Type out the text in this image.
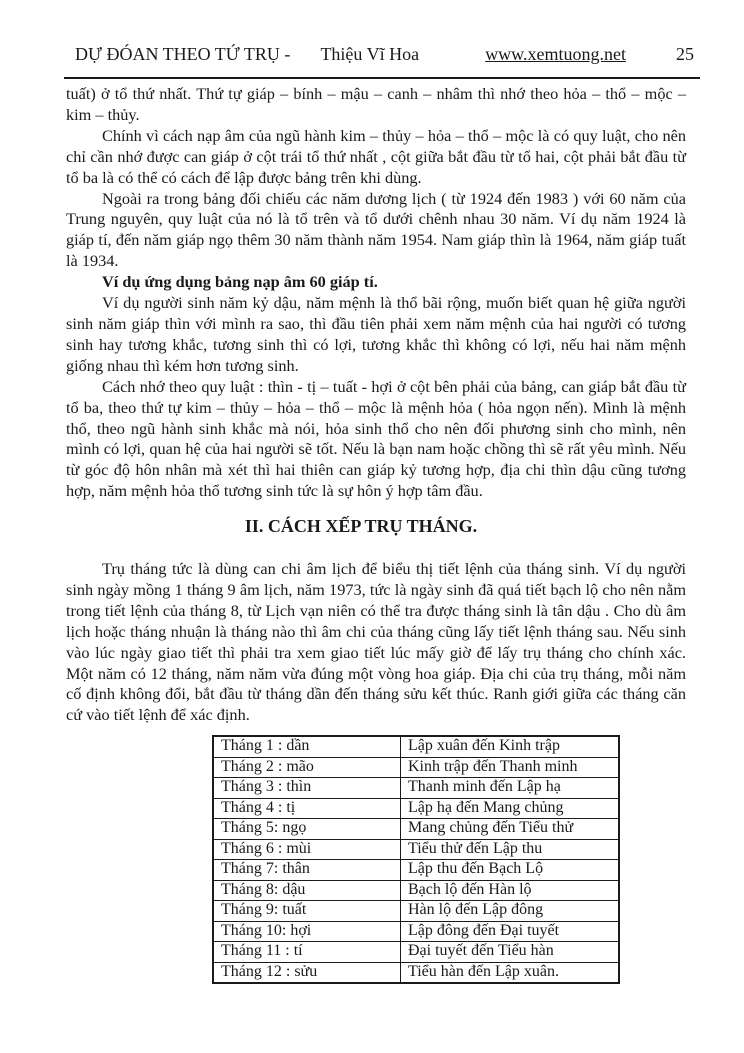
DỰ ĐÓAN THEO TỨ TRỤ - Thiệu Vĩ Hoa	www.xemtuong.net	25

tuất) ở tổ thứ nhất. Thứ tự giáp – bính – mậu – canh – nhâm thì nhớ theo hỏa – thổ – mộc – kim – thủy.

Chính vì cách nạp âm của ngũ hành kim – thủy – hỏa – thổ – mộc là có quy luật, cho nên chỉ cần nhớ được can giáp ở cột trái tổ thứ nhất , cột giữa bắt đầu từ tổ hai, cột phải bắt đầu từ tổ ba là có thể có cách để lập được bảng trên khi dùng.

Ngoài ra trong bảng đối chiếu các năm dương lịch ( từ 1924 đến 1983 ) với 60 năm của Trung nguyên, quy luật của nó là tổ trên và tổ dưới chênh nhau 30 năm. Ví dụ năm 1924 là giáp tí, đến năm giáp ngọ thêm 30 năm thành năm 1954. Nam giáp thìn là 1964, năm giáp tuất là 1934.

Ví dụ ứng dụng bảng nạp âm 60 giáp tí.

Ví dụ người sinh năm kỷ dậu, năm mệnh là thổ bãi rộng, muốn biết quan hệ giữa người sinh năm giáp thìn với mình ra sao, thì đầu tiên phải xem năm mệnh của hai người có tương sinh hay tương khắc, tương sinh thì có lợi, tương khắc thì không có lợi, nếu hai năm mệnh giống nhau thì kém hơn tương sinh.

Cách nhớ theo quy luật : thìn - tị – tuất - hợi ở cột bên phải của bảng, can giáp bắt đầu từ tổ ba, theo thứ tự kim – thủy – hỏa – thổ – mộc là mệnh hỏa ( hỏa ngọn nến). Mình là mệnh thổ, theo ngũ hành sinh khắc mà nói, hỏa sinh thổ cho nên đối phương sinh cho mình, nên mình có lợi, quan hệ của hai người sẽ tốt. Nếu là bạn nam hoặc chồng thì sẽ rất yêu mình. Nếu từ góc độ hôn nhân mà xét thì hai thiên can giáp kỷ tương hợp, địa chi thìn dậu cũng tương hợp, năm mệnh hỏa thổ tương sinh tức là sự hôn ý hợp tâm đầu.

II. CÁCH XẾP TRỤ THÁNG.

Trụ tháng tức là dùng can chi âm lịch để biểu thị tiết lệnh của tháng sinh. Ví dụ người sinh ngày mồng 1 tháng 9 âm lịch, năm 1973, tức là ngày sinh đã quá tiết bạch lộ cho nên nằm trong tiết lệnh của tháng 8, từ Lịch vạn niên có thể tra được tháng sinh là tân dậu . Cho dù âm lịch hoặc tháng nhuận là tháng nào thì âm chi của tháng cũng lấy tiết lệnh tháng sau. Nếu sinh vào lúc ngày giao tiết thì phải tra xem giao tiết lúc mấy giờ để lấy trụ tháng cho chính xác. Một năm có 12 tháng, năm năm vừa đúng một vòng hoa giáp. Địa chi của trụ tháng, mỗi năm cố định không đổi, bắt đầu từ tháng dần đến tháng sửu kết thúc. Ranh giới giữa các tháng căn cứ vào tiết lệnh để xác định.

Tháng 1 : dần	Lập xuân đến Kinh trập
Tháng 2 : mão	Kinh trập đến Thanh minh
Tháng 3 : thìn	Thanh minh đến Lập hạ
Tháng 4 : tị	Lập hạ đến Mang chủng
Tháng 5: ngọ	Mang chủng đến Tiểu thử
Tháng 6 : mùi	Tiểu thử đến Lập thu
Tháng 7: thân	Lập thu đến Bạch Lộ
Tháng 8: dậu	Bạch lộ đến Hàn lộ
Tháng 9: tuất	Hàn lộ đến Lập đông
Tháng 10: hợi	Lập đông đến Đại tuyết
Tháng 11 : tí	Đại tuyết đến Tiểu hàn
Tháng 12 : sửu	Tiểu hàn đến Lập xuân.
